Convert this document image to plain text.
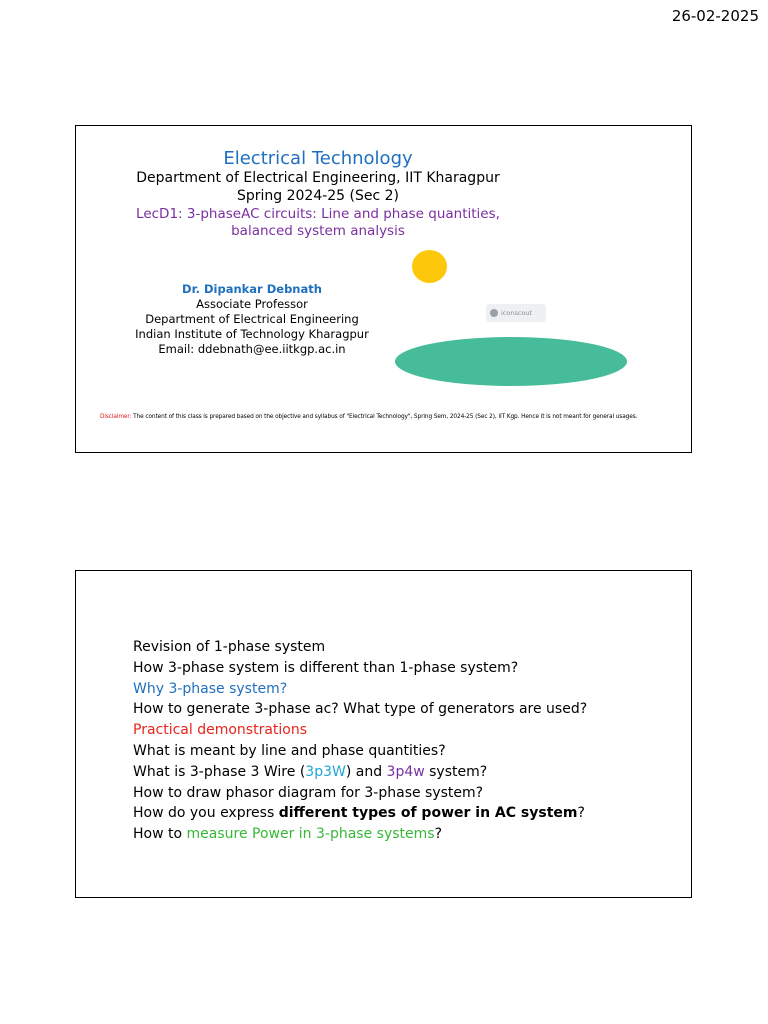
26-02-2025
Electrical Technology
Department of Electrical Engineering, IIT Kharagpur
Spring 2024-25 (Sec 2)
LecD1: 3-phaseAC circuits: Line and phase quantities,
balanced system analysis
Dr. Dipankar Debnath
Associate Professor
Department of Electrical Engineering
Indian Institute of Technology Kharagpur
Email: ddebnath@ee.iitkgp.ac.in
iconscout
Disclaimer: The content of this class is prepared based on the objective and syllabus of "Electrical Technology", Spring Sem, 2024-25 (Sec 2), IIT Kgp. Hence it is not meant for general usages.
Revision of 1-phase system
How 3-phase system is different than 1-phase system?
Why 3-phase system?
How to generate 3-phase ac? What type of generators are used?
Practical demonstrations
What is meant by line and phase quantities?
What is 3-phase 3 Wire (3p3W) and 3p4w system?
How to draw phasor diagram for 3-phase system?
How do you express different types of power in AC system?
How to measure Power in 3-phase systems?
